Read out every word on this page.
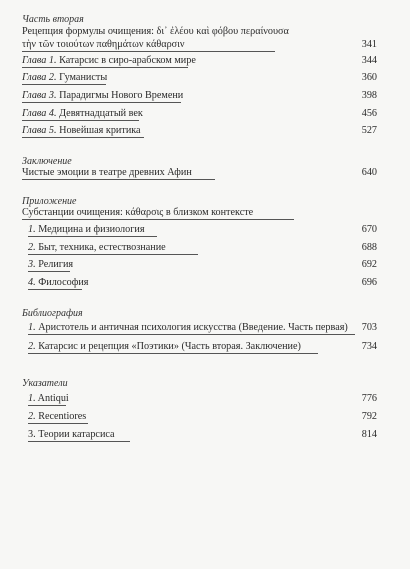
Часть вторая
Рецепция формулы очищения: δι᾽ ἐλέου καὶ φόβου περαίνουσα
τὴν τῶν τοιούτων παθημάτων κάθαρσιν	341
Глава 1. Катарсис в сиро-арабском мире	344
Глава 2. Гуманисты	360
Глава 3. Парадигмы Нового Времени	398
Глава 4. Девятнадцатый век	456
Глава 5. Новейшая критика	527
Заключение
Чистые эмоции в театре древних Афин	640
Приложение
Субстанции очищения: κάθαρσις в близком контексте
1. Медицина и физиология	670
2. Быт, техника, естествознание	688
3. Религия	692
4. Философия	696
Библиография
1. Аристотель и античная психология искусства (Введение. Часть первая) 703
2. Катарсис и рецепция «Поэтики» (Часть вторая. Заключение)	734
Указатели
1. Antiqui	776
2. Recentiores	792
3. Теории катарсиса	814
